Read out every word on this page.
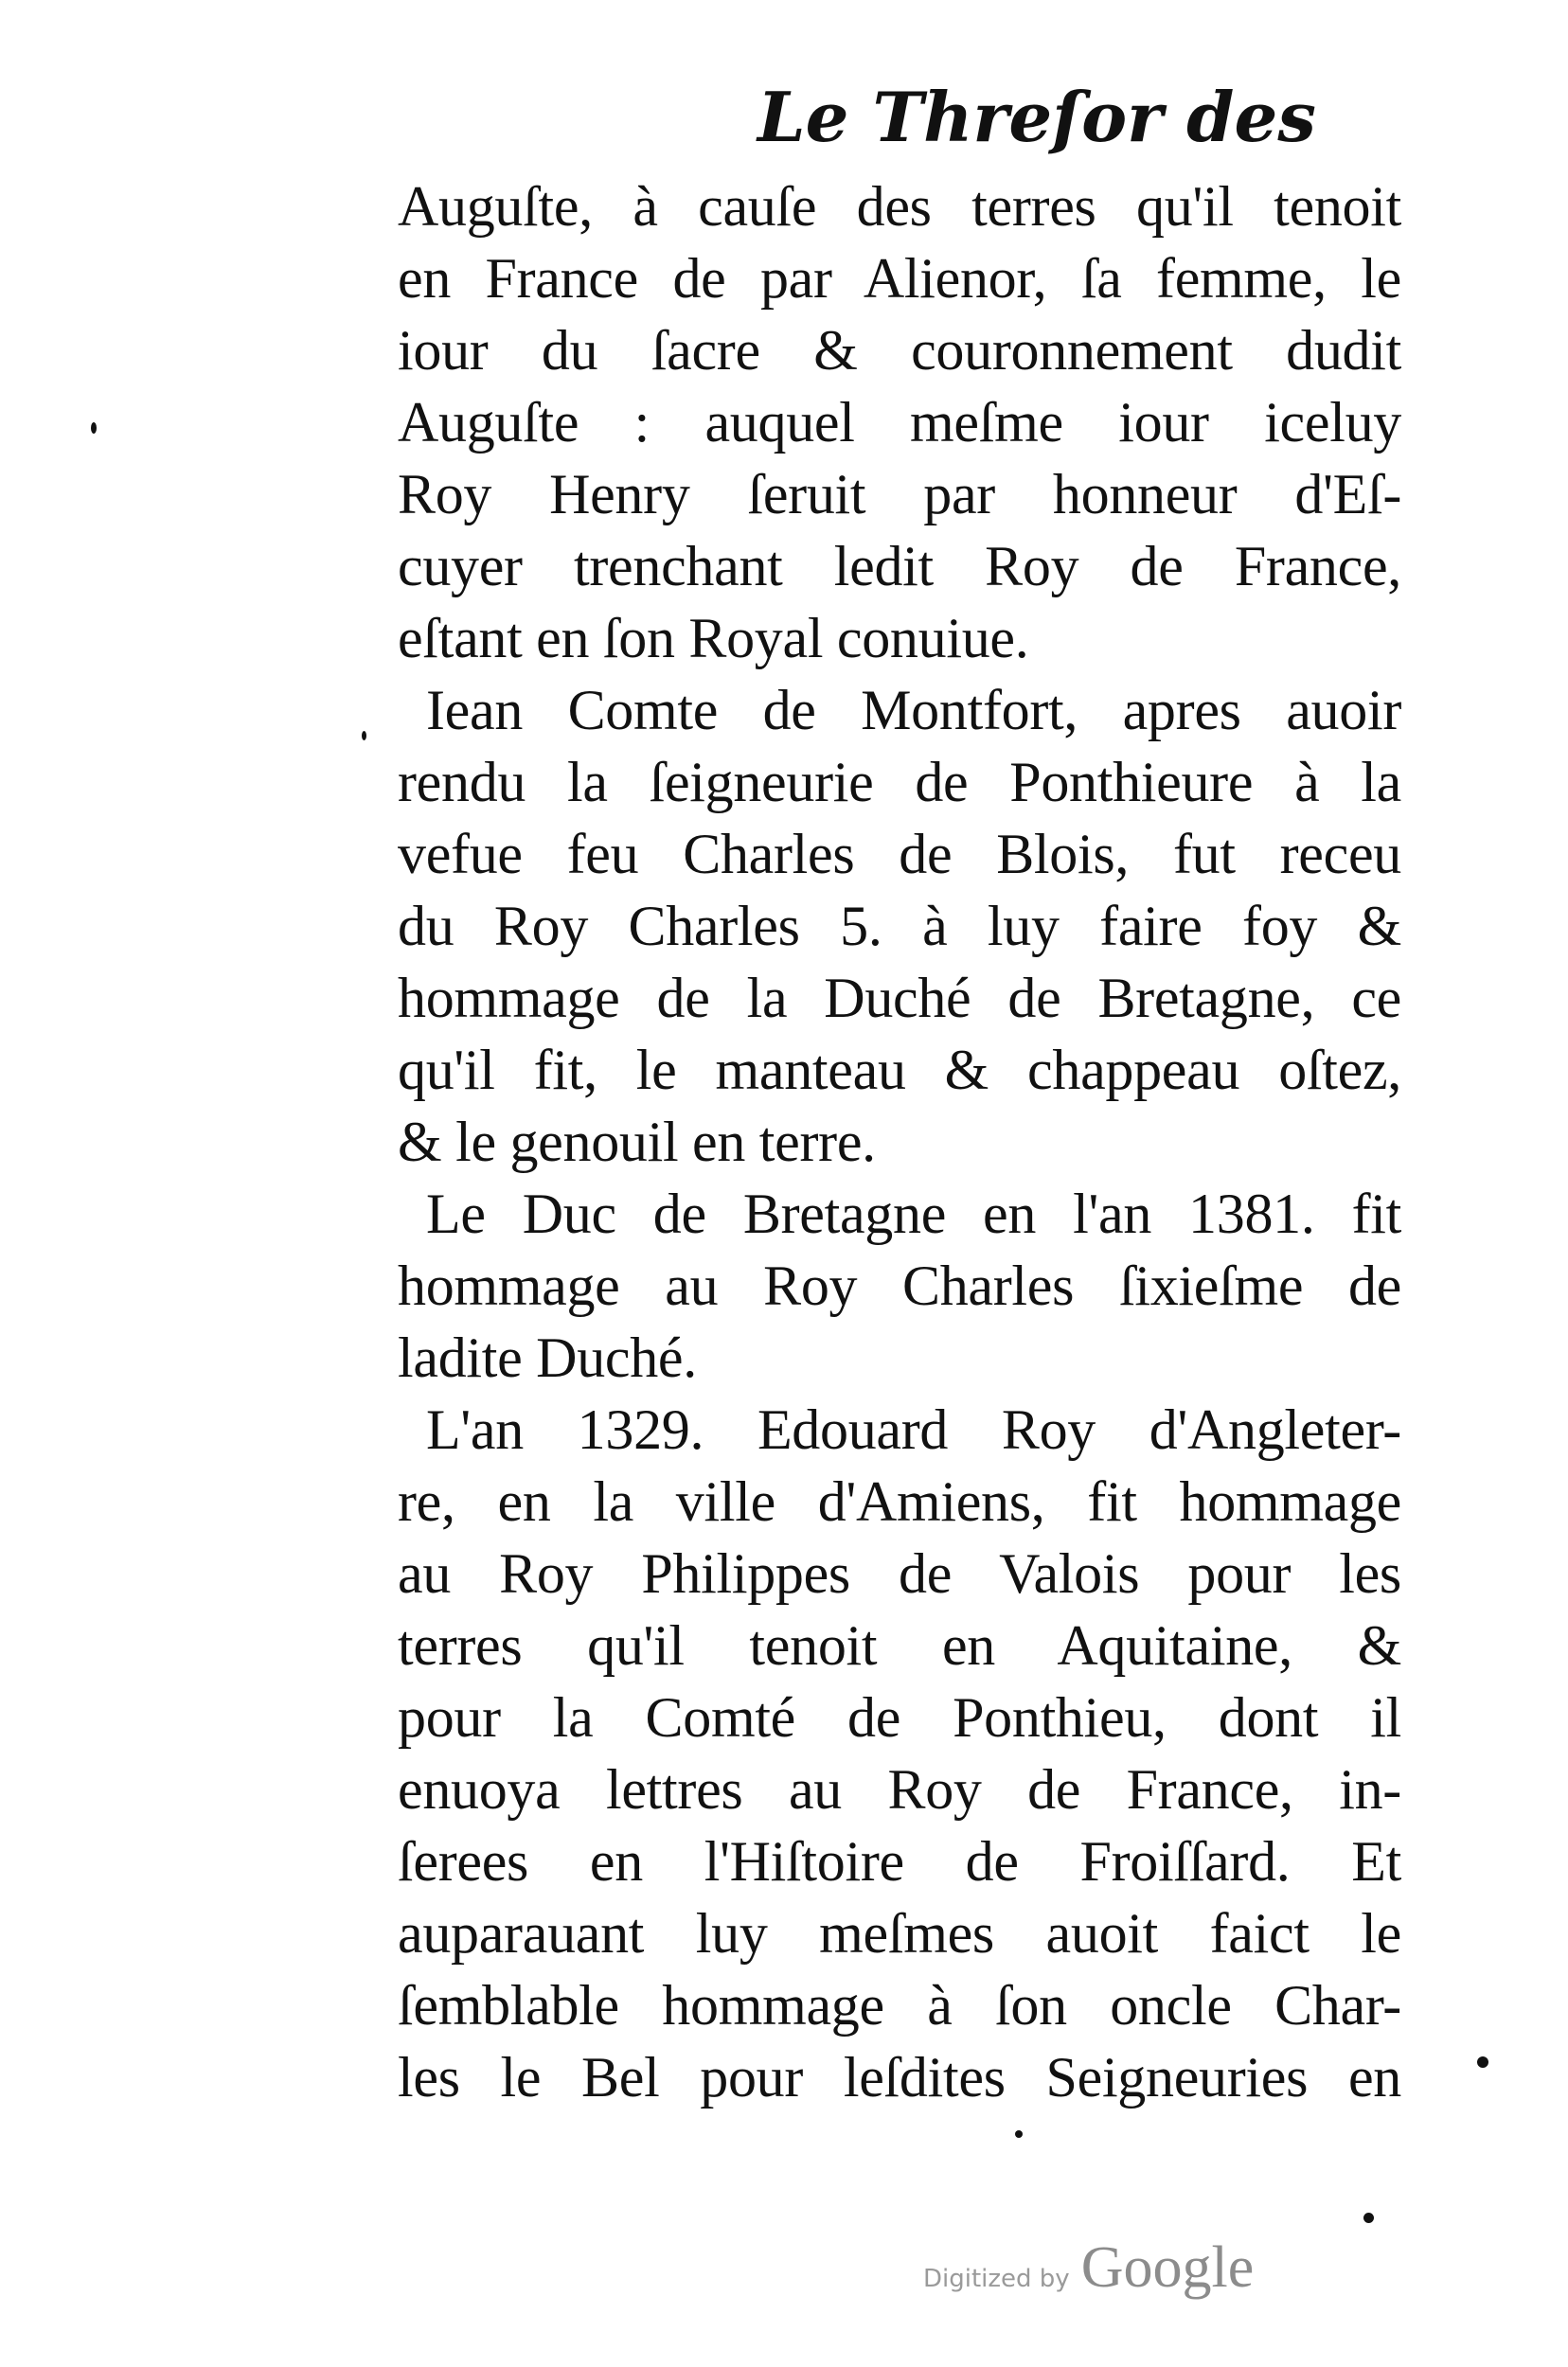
Le Threſor des
Auguſte, à cauſe des terres qu'il tenoit
en France de par Alienor, ſa femme, le
iour du ſacre & couronnement dudit
Auguſte : auquel meſme iour iceluy
Roy Henry ſeruit par honneur d'Eſ-
cuyer trenchant ledit Roy de France,
eſtant en ſon Royal conuiue.
Iean Comte de Montfort, apres auoir
rendu la ſeigneurie de Ponthieure à la
vefue feu Charles de Blois, fut receu
du Roy Charles 5. à luy faire foy &
hommage de la Duché de Bretagne, ce
qu'il fit, le manteau & chappeau oſtez,
& le genouil en terre.
Le Duc de Bretagne en l'an 1381. fit
hommage au Roy Charles ſixieſme de
ladite Duché.
L'an 1329. Edouard Roy d'Angleter-
re, en la ville d'Amiens, fit hommage
au Roy Philippes de Valois pour les
terres qu'il tenoit en Aquitaine, &
pour la Comté de Ponthieu, dont il
enuoya lettres au Roy de France, in-
ſerees en l'Hiſtoire de Froiſſard. Et
auparauant luy meſmes auoit faict le
ſemblable hommage à ſon oncle Char-
les le Bel pour leſdites Seigneuries en
Digitized by Google
